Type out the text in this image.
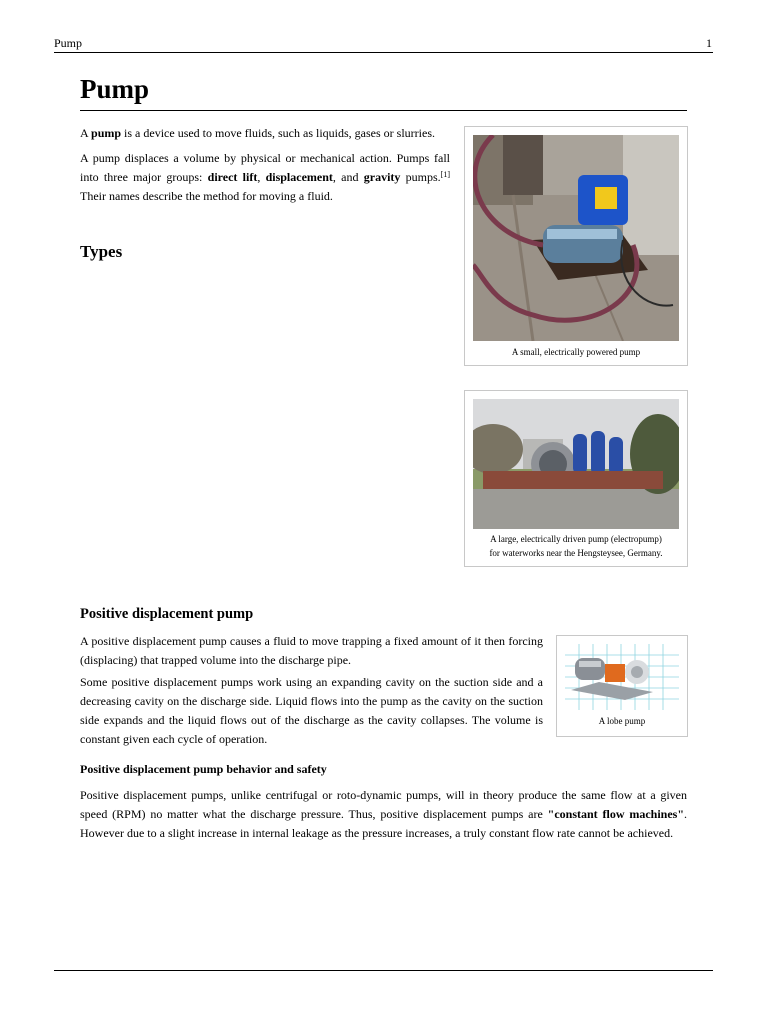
Pump	1
Pump

A pump is a device used to move fluids, such as liquids, gases or slurries.

A pump displaces a volume by physical or mechanical action. Pumps fall into three major groups: direct lift, displacement, and gravity pumps.[1] Their names describe the method for moving a fluid.

Types
A small, electrically powered pump
A large, electrically driven pump (electropump)
for waterworks near the Hengsteysee, Germany.
Positive displacement pump

A positive displacement pump causes a fluid to move trapping a fixed amount of it then forcing (displacing) that trapped volume into the discharge pipe.

Some positive displacement pumps work using an expanding cavity on the suction side and a decreasing cavity on the discharge side. Liquid flows into the pump as the cavity on the suction side expands and the liquid flows out of the discharge as the cavity collapses. The volume is constant given each cycle of operation.

A lobe pump
Positive displacement pump behavior and safety

Positive displacement pumps, unlike centrifugal or roto-dynamic pumps, will in theory produce the same flow at a given speed (RPM) no matter what the discharge pressure. Thus, positive displacement pumps are "constant flow machines". However due to a slight increase in internal leakage as the pressure increases, a truly constant flow rate cannot be achieved.
